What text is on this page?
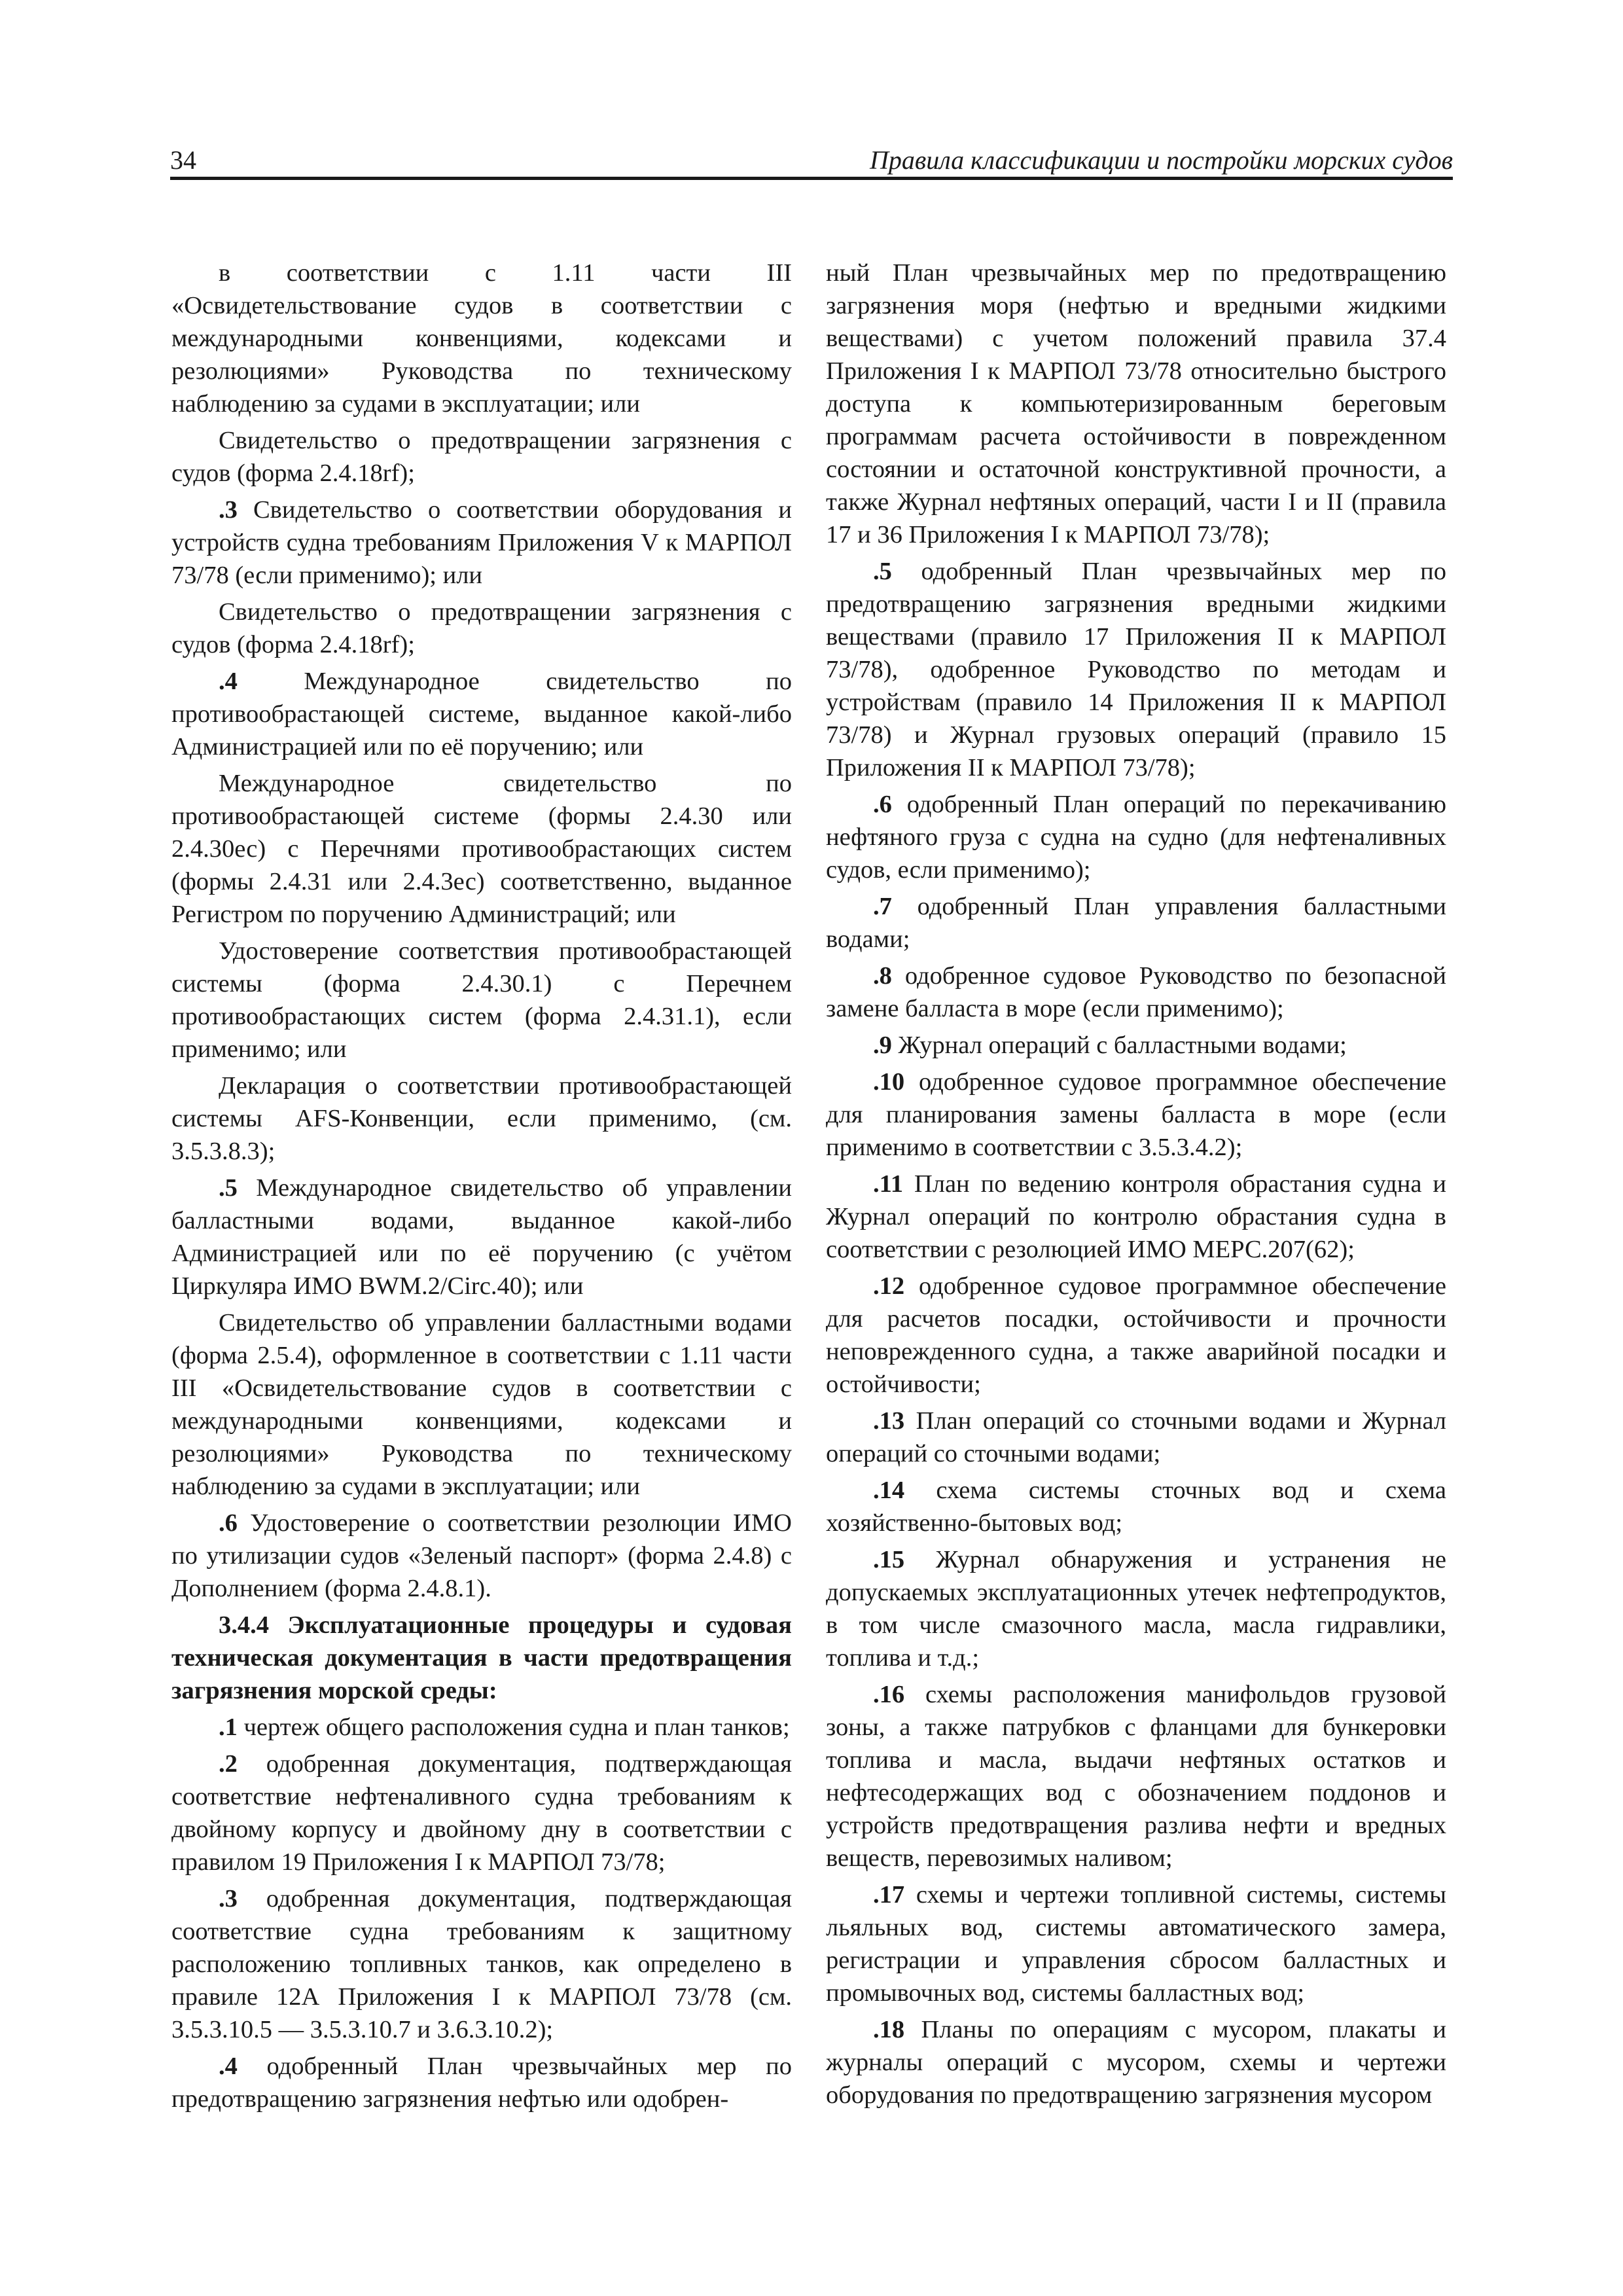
34	Правила классификации и постройки морских судов

в соответствии с 1.11 части III «Освидетельствование судов в соответствии с международными конвенциями, кодексами и резолюциями» Руководства по техническому наблюдению за судами в эксплуатации; или

Свидетельство о предотвращении загрязнения с судов (форма 2.4.18rf);

.3 Свидетельство о соответствии оборудования и устройств судна требованиям Приложения V к МАРПОЛ 73/78 (если применимо); или

Свидетельство о предотвращении загрязнения с судов (форма 2.4.18rf);

.4 Международное свидетельство по противообрастающей системе, выданное какой-либо Администрацией или по её поручению; или

Международное свидетельство по противообрастающей системе (формы 2.4.30 или 2.4.30ес) с Перечнями противообрастающих систем (формы 2.4.31 или 2.4.3ес) соответственно, выданное Регистром по поручению Администраций; или

Удостоверение соответствия противообрастающей системы (форма 2.4.30.1) с Перечнем противообрастающих систем (форма 2.4.31.1), если применимо; или

Декларация о соответствии противообрастающей системы AFS-Конвенции, если применимо, (см. 3.5.3.8.3);

.5 Международное свидетельство об управлении балластными водами, выданное какой-либо Администрацией или по её поручению (с учётом Циркуляра ИМО BWM.2/Circ.40); или

Свидетельство об управлении балластными водами (форма 2.5.4), оформленное в соответствии с 1.11 части III «Освидетельствование судов в соответствии с международными конвенциями, кодексами и резолюциями» Руководства по техническому наблюдению за судами в эксплуатации; или

.6 Удостоверение о соответствии резолюции ИМО по утилизации судов «Зеленый паспорт» (форма 2.4.8) с Дополнением (форма 2.4.8.1).

3.4.4 Эксплуатационные процедуры и судовая техническая документация в части предотвращения загрязнения морской среды:

.1 чертеж общего расположения судна и план танков;

.2 одобренная документация, подтверждающая соответствие нефтеналивного судна требованиям к двойному корпусу и двойному дну в соответствии с правилом 19 Приложения I к МАРПОЛ 73/78;

.3 одобренная документация, подтверждающая соответствие судна требованиям к защитному расположению топливных танков, как определено в правиле 12А Приложения I к МАРПОЛ 73/78 (см. 3.5.3.10.5 — 3.5.3.10.7 и 3.6.3.10.2);

.4 одобренный План чрезвычайных мер по предотвращению загрязнения нефтью или одобрен-

ный План чрезвычайных мер по предотвращению загрязнения моря (нефтью и вредными жидкими веществами) с учетом положений правила 37.4 Приложения I к МАРПОЛ 73/78 относительно быстрого доступа к компьютеризированным береговым программам расчета остойчивости в поврежденном состоянии и остаточной конструктивной прочности, а также Журнал нефтяных операций, части I и II (правила 17 и 36 Приложения I к МАРПОЛ 73/78);

.5 одобренный План чрезвычайных мер по предотвращению загрязнения вредными жидкими веществами (правило 17 Приложения II к МАРПОЛ 73/78), одобренное Руководство по методам и устройствам (правило 14 Приложения II к МАРПОЛ 73/78) и Журнал грузовых операций (правило 15 Приложения II к МАРПОЛ 73/78);

.6 одобренный План операций по перекачиванию нефтяного груза с судна на судно (для нефтеналивных судов, если применимо);

.7 одобренный План управления балластными водами;

.8 одобренное судовое Руководство по безопасной замене балласта в море (если применимо);

.9 Журнал операций с балластными водами;

.10 одобренное судовое программное обеспечение для планирования замены балласта в море (если применимо в соответствии с 3.5.3.4.2);

.11 План по ведению контроля обрастания судна и Журнал операций по контролю обрастания судна в соответствии с резолюцией ИМО МЕРС.207(62);

.12 одобренное судовое программное обеспечение для расчетов посадки, остойчивости и прочности неповрежденного судна, а также аварийной посадки и остойчивости;

.13 План операций со сточными водами и Журнал операций со сточными водами;

.14 схема системы сточных вод и схема хозяйственно-бытовых вод;

.15 Журнал обнаружения и устранения не допускаемых эксплуатационных утечек нефтепродуктов, в том числе смазочного масла, масла гидравлики, топлива и т.д.;

.16 схемы расположения манифольдов грузовой зоны, а также патрубков с фланцами для бункеровки топлива и масла, выдачи нефтяных остатков и нефтесодержащих вод с обозначением поддонов и устройств предотвращения разлива нефти и вредных веществ, перевозимых наливом;

.17 схемы и чертежи топливной системы, системы льяльных вод, системы автоматического замера, регистрации и управления сбросом балластных и промывочных вод, системы балластных вод;

.18 Планы по операциям с мусором, плакаты и журналы операций с мусором, схемы и чертежи оборудования по предотвращению загрязнения мусором
